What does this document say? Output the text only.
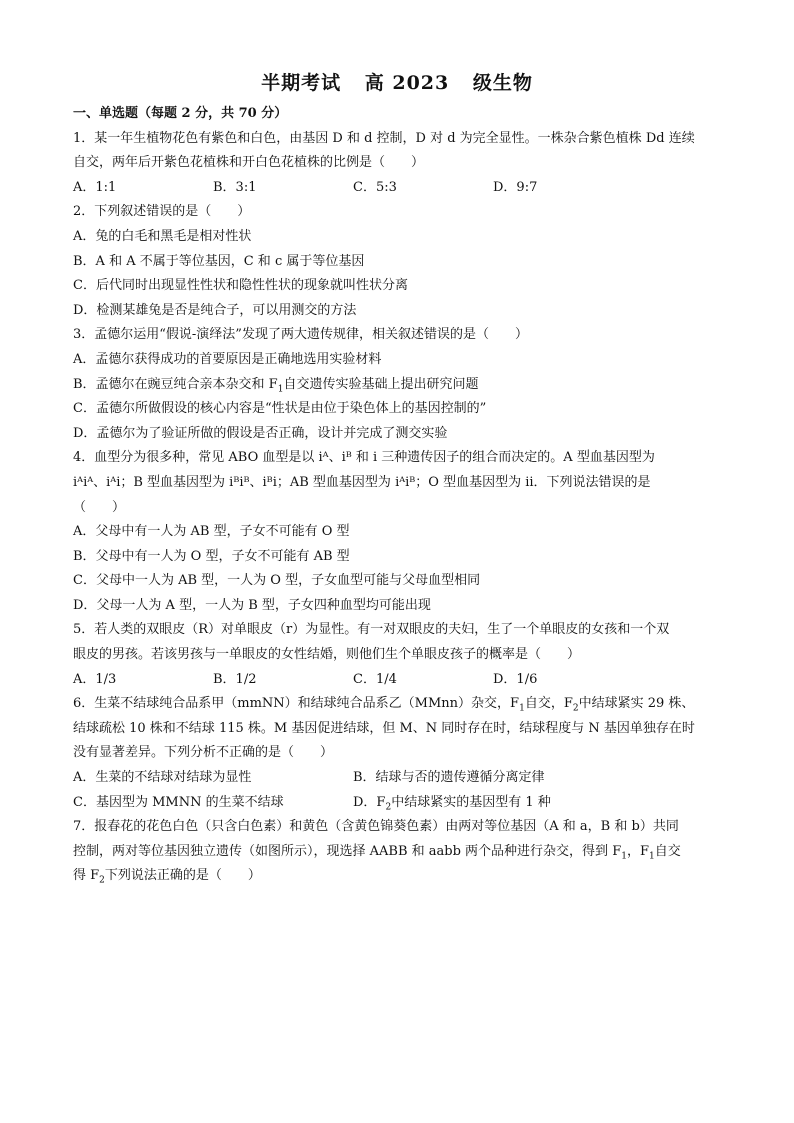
半期考试 高 2023 级生物
一、单选题（每题 2 分，共 70 分）
1．某一年生植物花色有紫色和白色，由基因 D 和 d 控制，D 对 d 为完全显性。一株杂合紫色植株 Dd 连续
自交，两年后开紫色花植株和开白色花植株的比例是（　　）
A．1:1	B．3:1	C．5:3	D．9:7
2．下列叙述错误的是（　　）
A．兔的白毛和黑毛是相对性状
B．A 和 A 不属于等位基因，C 和 c 属于等位基因
C．后代同时出现显性性状和隐性性状的现象就叫性状分离
D．检测某雄兔是否是纯合子，可以用测交的方法
3．孟德尔运用“假说-演绎法”发现了两大遗传规律，相关叙述错误的是（　　）
A．孟德尔获得成功的首要原因是正确地选用实验材料
B．孟德尔在豌豆纯合亲本杂交和 $F_1$自交遗传实验基础上提出研究问题
C．孟德尔所做假设的核心内容是“性状是由位于染色体上的基因控制的”
D．孟德尔为了验证所做的假设是否正确，设计并完成了测交实验
4．血型分为很多种，常见 ABO 血型是以 iᴬ、iᴮ 和 i 三种遗传因子的组合而决定的。A 型血基因型为
iᴬiᴬ、iᴬi；B 型血基因型为 iᴮiᴮ、iᴮi；AB 型血基因型为 iᴬiᴮ；O 型血基因型为 ii．下列说法错误的是
（　　）
A．父母中有一人为 AB 型，子女不可能有 O 型
B．父母中有一人为 O 型，子女不可能有 AB 型
C．父母中一人为 AB 型，一人为 O 型，子女血型可能与父母血型相同
D．父母一人为 A 型，一人为 B 型，子女四种血型均可能出现
5．若人类的双眼皮（R）对单眼皮（r）为显性。有一对双眼皮的夫妇，生了一个单眼皮的女孩和一个双
眼皮的男孩。若该男孩与一单眼皮的女性结婚，则他们生个单眼皮孩子的概率是（　　）
A．1/3	B．1/2	C．1/4	D．1/6
6．生菜不结球纯合品系甲（mmNN）和结球纯合品系乙（MMnn）杂交，$F_1$自交，$F_2$中结球紧实 29 株、
结球疏松 10 株和不结球 115 株。M 基因促进结球，但 M、N 同时存在时，结球程度与 N 基因单独存在时
没有显著差异。下列分析不正确的是（　　）
A．生菜的不结球对结球为显性	B．结球与否的遗传遵循分离定律
C．基因型为 MMNN 的生菜不结球	D．$F_2$中结球紧实的基因型有 1 种
7．报春花的花色白色（只含白色素）和黄色（含黄色锦葵色素）由两对等位基因（A 和 a，B 和 b）共同
控制，两对等位基因独立遗传（如图所示），现选择 AABB 和 aabb 两个品种进行杂交，得到 $F_1$，$F_1$自交
得 $F_2$下列说法正确的是（　　）
